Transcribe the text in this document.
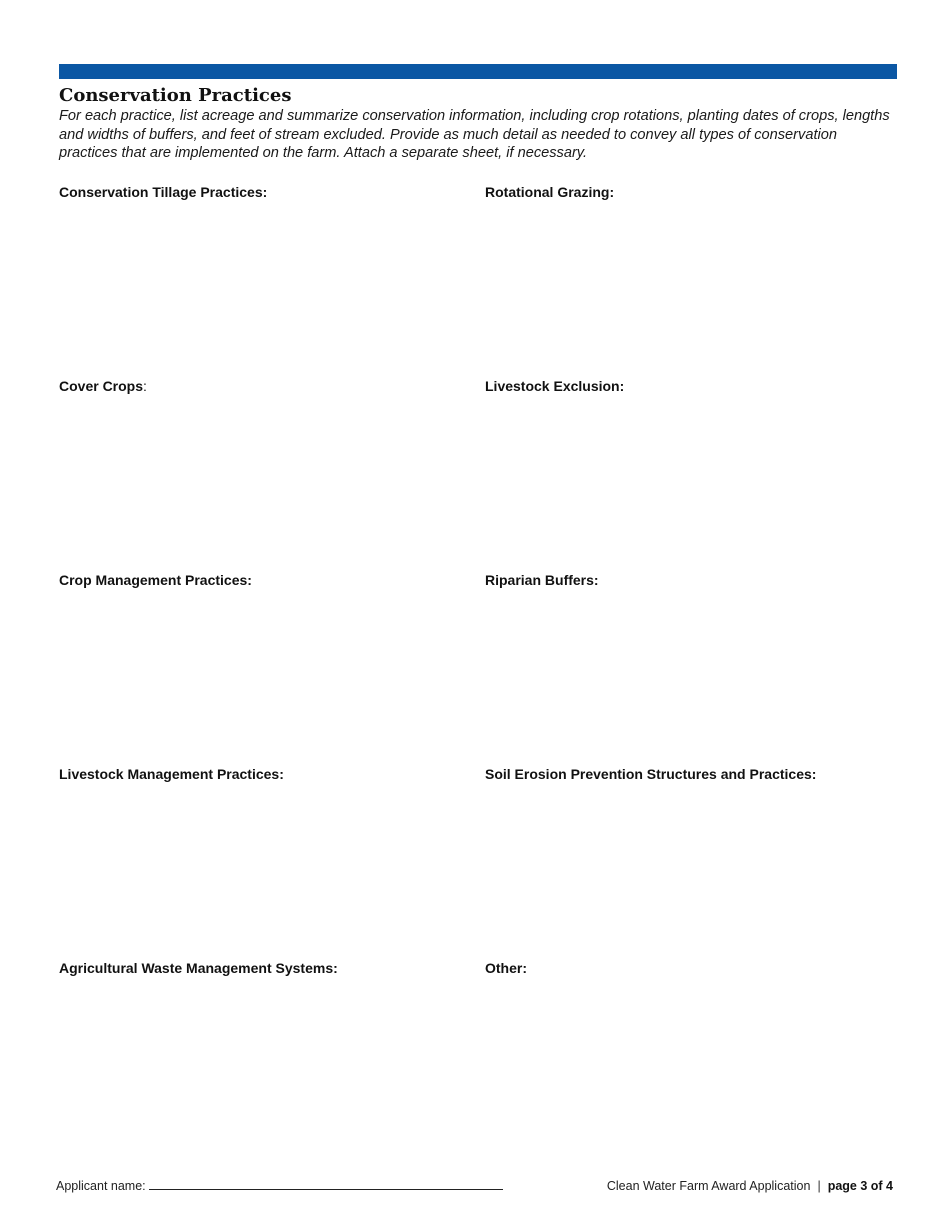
Conservation Practices

For each practice, list acreage and summarize conservation information, including crop rotations, planting dates of crops, lengths and widths of buffers, and feet of stream excluded. Provide as much detail as needed to convey all types of conservation practices that are implemented on the farm. Attach a separate sheet, if necessary.

Conservation Tillage Practices:	Rotational Grazing:
Cover Crops:	Livestock Exclusion:
Crop Management Practices:	Riparian Buffers:
Livestock Management Practices:	Soil Erosion Prevention Structures and Practices:
Agricultural Waste Management Systems:	Other:
Applicant name:	Clean Water Farm Award Application | page 3 of 4
